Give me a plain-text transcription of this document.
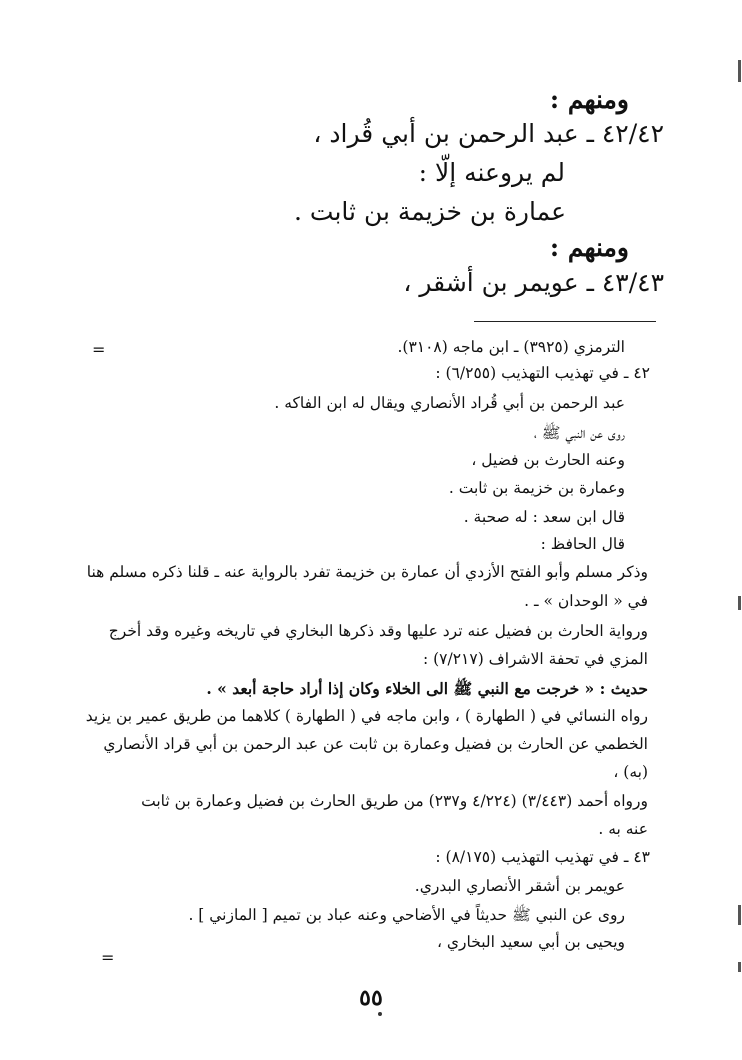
ومنهم :
٤٢/٤٢ ـ عبد الرحمن بن أبي قُراد ،
لم يروعنه إلّا :
عمارة بن خزيمة بن ثابت .
ومنهم :
٤٣/٤٣ ـ عويمر بن أشقر ،
=	الترمزي (٣٩٢٥) ـ ابن ماجه (٣١٠٨).
٤٢ ـ في تهذيب التهذيب (٦/٢٥٥) :
عبد الرحمن بن أبي قُراد الأنصاري ويقال له ابن الفاكه .
روى عن النبي ﷺ ،
وعنه الحارث بن فضيل ،
وعمارة بن خزيمة بن ثابت .
قال ابن سعد : له صحبة .
قال الحافظ :
وذكر مسلم وأبو الفتح الأزدي أن عمارة بن خزيمة تفرد بالرواية عنه ـ قلنا ذكره مسلم هنا
في « الوحدان » ـ .
ورواية الحارث بن فضيل عنه ترد عليها وقد ذكرها البخاري في تاريخه وغيره وقد أخرج
المزي في تحفة الاشراف (٧/٢١٧) :
حديث : « خرجت مع النبي ﷺ الى الخلاء وكان إذا أراد حاجة أبعد » .
رواه النسائي في ( الطهارة ) ، وابن ماجه في ( الطهارة ) كلاهما من طريق عمير بن يزيد
الخطمي عن الحارث بن فضيل وعمارة بن ثابت عن عبد الرحمن بن أبي قراد الأنصاري
(به) ،
ورواه أحمد (٣/٤٤٣) (٤/٢٢٤ و٢٣٧) من طريق الحارث بن فضيل وعمارة بن ثابت
عنه به .
٤٣ ـ في تهذيب التهذيب (٨/١٧٥) :
عويمر بن أشقر الأنصاري البدري.
روى عن النبي ﷺ حديثاً في الأضاحي وعنه عباد بن تميم [ المازني ] .
ويحيى بن أبي سعيد البخاري ،
=
٥٥
